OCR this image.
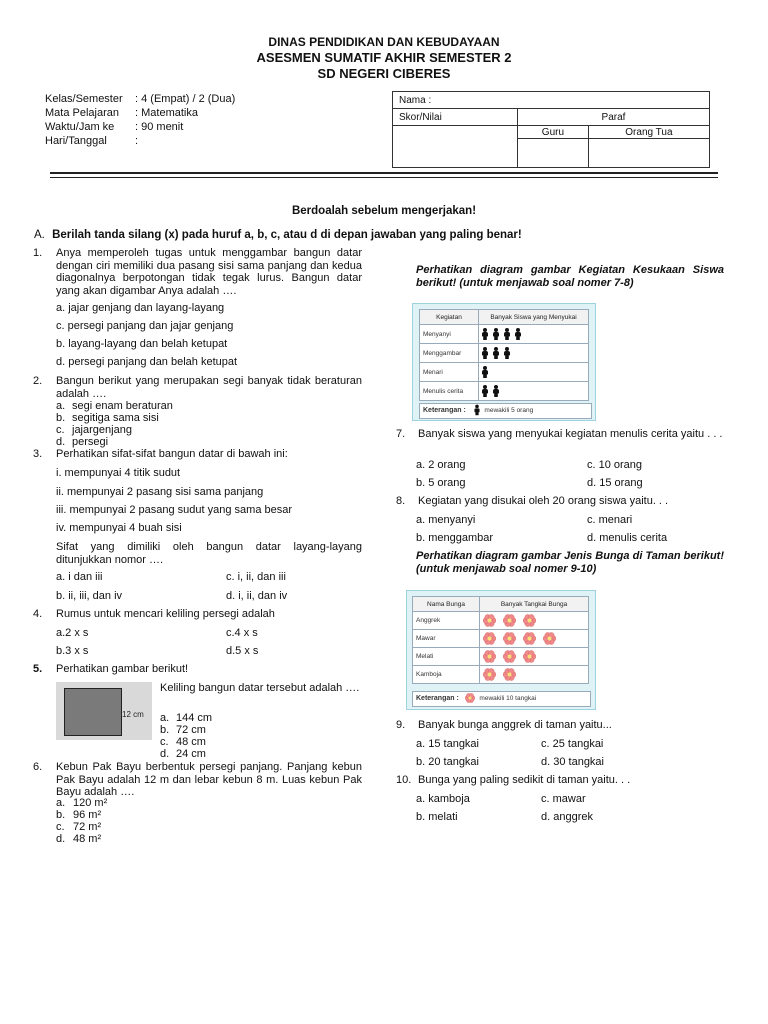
DINAS PENDIDIKAN DAN KEBUDAYAAN
ASESMEN SUMATIF AKHIR SEMESTER 2
SD NEGERI CIBERES
Kelas/Semester : 4 (Empat) / 2 (Dua)
Mata Pelajaran : Matematika
Waktu/Jam ke : 90 menit
Hari/Tanggal	:
Nama :		
Skor/Nilai	Paraf	
	Guru	Orang Tua

Berdoalah sebelum mengerjakan!
A. Berilah tanda silang (x) pada huruf a, b, c, atau d di depan jawaban yang paling benar!
1. Anya memperoleh tugas untuk menggambar bangun datar dengan ciri memiliki dua pasang sisi sama panjang dan kedua diagonalnya berpotongan tidak tegak lurus. Bangun datar yang akan digambar Anya adalah ….
a. jajar genjang dan layang-layang
c. persegi panjang dan jajar genjang
b. layang-layang dan belah ketupat
d. persegi panjang dan belah ketupat
2. Bangun berikut yang merupakan segi banyak tidak beraturan adalah ….
a. segi enam beraturan
b. segitiga sama sisi
c. jajargenjang
d. persegi
3. Perhatikan sifat-sifat bangun datar di bawah ini:
i. mempunyai 4 titik sudut
ii. mempunyai 2 pasang sisi sama panjang
iii. mempunyai 2 pasang sudut yang sama besar
iv. mempunyai 4 buah sisi
Sifat yang dimiliki oleh bangun datar layang-layang ditunjukkan nomor ….
a. i dan iii	c. i, ii, dan iii
b. ii, iii, dan iv	d. i, ii, dan iv
4. Rumus untuk mencari keliling persegi adalah
a.2 x s	c.4 x s
b.3 x s	d.5 x s
5. Perhatikan gambar berikut!
12 cm
Keliling bangun datar tersebut adalah ….
a. 144 cm
b. 72 cm
c. 48 cm
d. 24 cm
6. Kebun Pak Bayu berbentuk persegi panjang. Panjang kebun Pak Bayu adalah 12 m dan lebar kebun 8 m. Luas kebun Pak Bayu adalah ….
a. 120 m²
b. 96 m²
c. 72 m²
d. 48 m²
Perhatikan diagram gambar Kegiatan Kesukaan Siswa berikut! (untuk menjawab soal nomer 7-8)
Kegiatan	Banyak Siswa yang Menyukai
Menyanyi	
Menggambar	
Menari	
Menulis cerita	
Keterangan :	mewakili 5 orang
7. Banyak siswa yang menyukai kegiatan menulis cerita yaitu . . .
a. 2 orang	c. 10 orang
b. 5 orang	d. 15 orang
8. Kegiatan yang disukai oleh 20 orang siswa yaitu. . .
a. menyanyi	c. menari
b. menggambar	d. menulis cerita
Perhatikan diagram gambar Jenis Bunga di Taman berikut! (untuk menjawab soal nomer 9-10)
Nama Bunga	Banyak Tangkai Bunga
Anggrek	

Mawar	

Melati	

Kamboja	
Keterangan :	mewakili 10 tangkai
9. Banyak bunga anggrek di taman yaitu...
a. 15 tangkai	c. 25 tangkai
b. 20 tangkai	d. 30 tangkai
10. Bunga yang paling sedikit di taman yaitu. . .
a. kamboja	c. mawar
b. melati	d. anggrek
